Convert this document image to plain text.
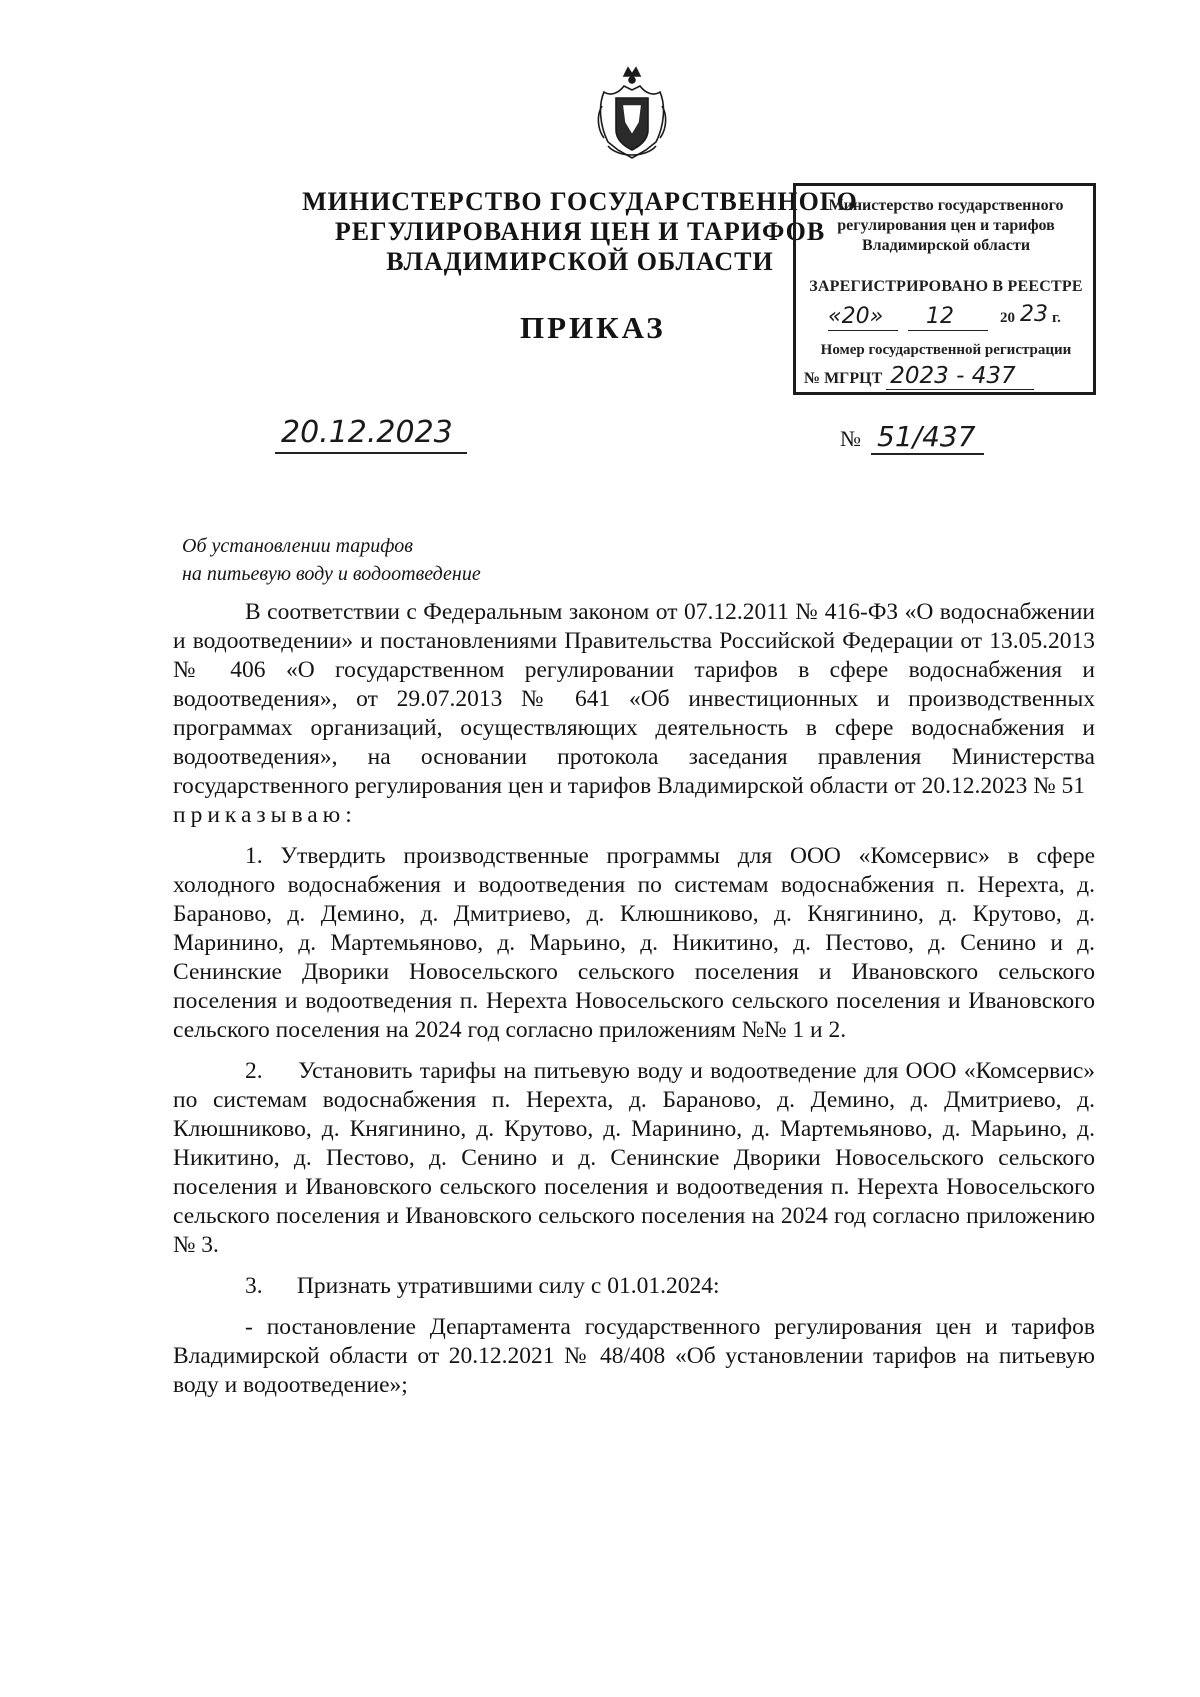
МИНИСТЕРСТВО ГОСУДАРСТВЕННОГО
РЕГУЛИРОВАНИЯ ЦЕН И ТАРИФОВ
ВЛАДИМИРСКОЙ ОБЛАСТИ
ПРИКАЗ
Министерство государственного
регулирования цен и тарифов
Владимирской области
ЗАРЕГИСТРИРОВАНО В РЕЕСТРЕ
«20» 12	20 23 г.
Номер государственной регистрации
№ МГРЦТ 2023 - 437
20.12.2023	№ 51/437
Об установлении тарифов
на питьевую воду и водоотведение

В соответствии с Федеральным законом от 07.12.2011 № 416-ФЗ «О водоснабжении и водоотведении» и постановлениями Правительства Российской Федерации от 13.05.2013 № 406 «О государственном регулировании тарифов в сфере водоснабжения и водоотведения», от 29.07.2013 № 641 «Об инвестиционных и производственных программах организаций, осуществляющих деятельность в сфере водоснабжения и водоотведения», на основании протокола заседания правления Министерства государственного регулирования цен и тарифов Владимирской области от 20.12.2023 № 51

приказываю:

1. Утвердить производственные программы для ООО «Комсервис» в сфере холодного водоснабжения и водоотведения по системам водоснабжения п. Нерехта, д. Бараново, д. Демино, д. Дмитриево, д. Клюшниково, д. Княгинино, д. Крутово, д. Маринино, д. Мартемьяново, д. Марьино, д. Никитино, д. Пестово, д. Сенино и д. Сенинские Дворики Новосельского сельского поселения и Ивановского сельского поселения и водоотведения п. Нерехта Новосельского сельского поселения и Ивановского сельского поселения на 2024 год согласно приложениям №№ 1 и 2.

2. Установить тарифы на питьевую воду и водоотведение для ООО «Комсервис» по системам водоснабжения п. Нерехта, д. Бараново, д. Демино, д. Дмитриево, д. Клюшниково, д. Княгинино, д. Крутово, д. Маринино, д. Мартемьяново, д. Марьино, д. Никитино, д. Пестово, д. Сенино и д. Сенинские Дворики Новосельского сельского поселения и Ивановского сельского поселения и водоотведения п. Нерехта Новосельского сельского поселения и Ивановского сельского поселения на 2024 год согласно приложению № 3.

3. Признать утратившими силу с 01.01.2024:

- постановление Департамента государственного регулирования цен и тарифов Владимирской области от 20.12.2021 № 48/408 «Об установлении тарифов на питьевую воду и водоотведение»;
